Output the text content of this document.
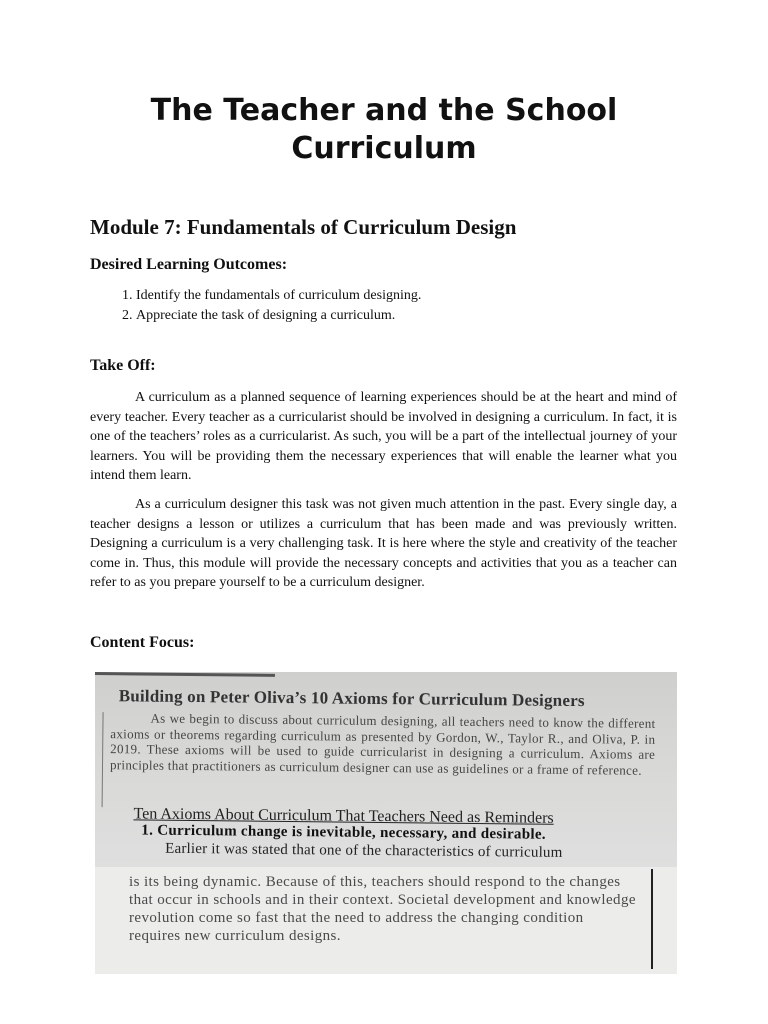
The Teacher and the School Curriculum
Module 7: Fundamentals of Curriculum Design
Desired Learning Outcomes:
1. Identify the fundamentals of curriculum designing.
2. Appreciate the task of designing a curriculum.
Take Off:

A curriculum as a planned sequence of learning experiences should be at the heart and mind of every teacher. Every teacher as a curricularist should be involved in designing a curriculum. In fact, it is one of the teachers’ roles as a curricularist. As such, you will be a part of the intellectual journey of your learners. You will be providing them the necessary experiences that will enable the learner what you intend them learn.

As a curriculum designer this task was not given much attention in the past. Every single day, a teacher designs a lesson or utilizes a curriculum that has been made and was previously written. Designing a curriculum is a very challenging task. It is here where the style and creativity of the teacher come in. Thus, this module will provide the necessary concepts and activities that you as a teacher can refer to as you prepare yourself to be a curriculum designer.

Content Focus:

Building on Peter Oliva’s 10 Axioms for Curriculum Designers

As we begin to discuss about curriculum designing, all teachers need to know the different axioms or theorems regarding curriculum as presented by Gordon, W., Taylor R., and Oliva, P. in 2019. These axioms will be used to guide curricularist in designing a curriculum. Axioms are principles that practitioners as curriculum designer can use as guidelines or a frame of reference.

Ten Axioms About Curriculum That Teachers Need as Reminders

1. Curriculum change is inevitable, necessary, and desirable.

Earlier it was stated that one of the characteristics of curriculum

is its being dynamic. Because of this, teachers should respond to the changes that occur in schools and in their context. Societal development and knowledge revolution come so fast that the need to address the changing condition requires new curriculum designs.
